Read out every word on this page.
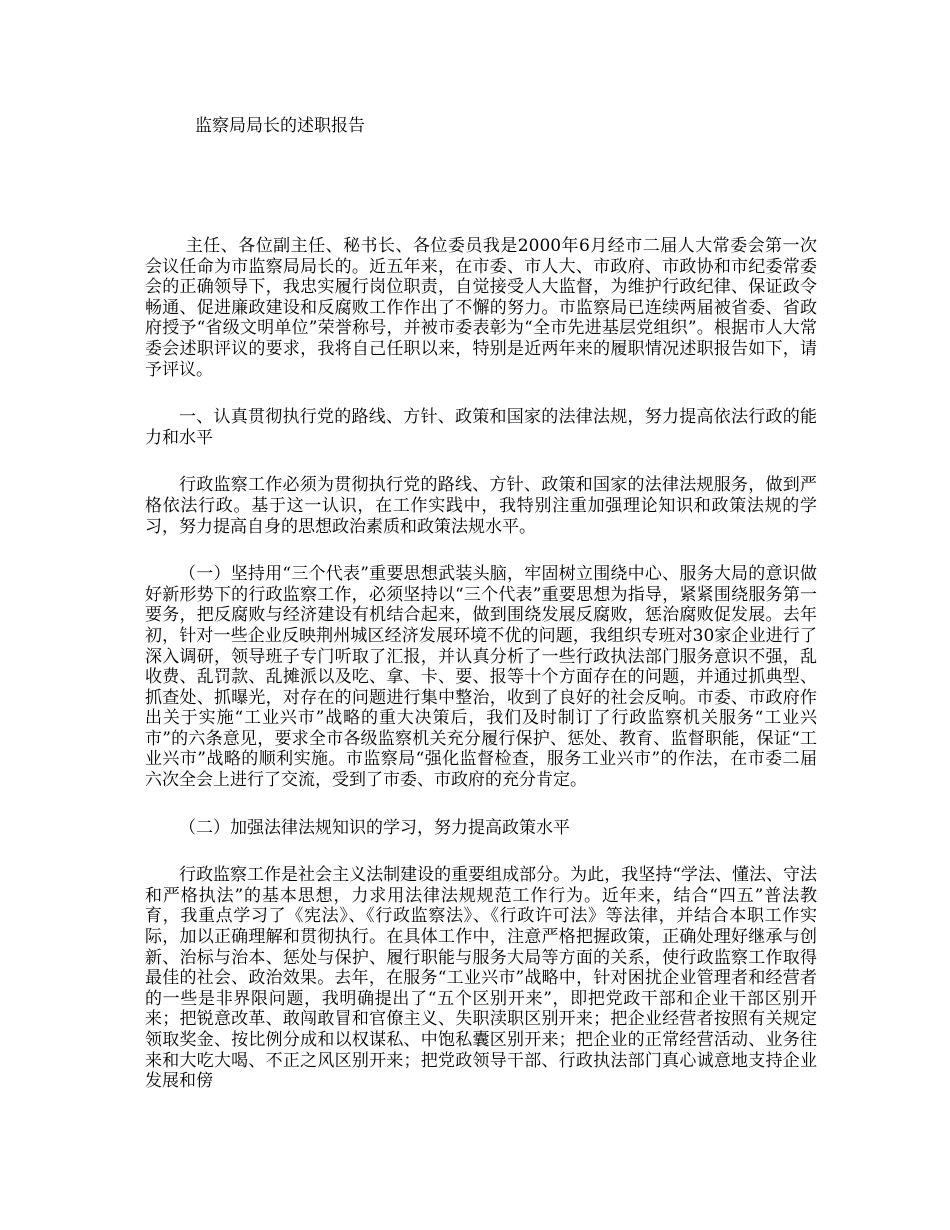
监察局局长的述职报告

主任、各位副主任、秘书长、各位委员我是2000年6月经市二届人大常委会第一次会议任命为市监察局局长的。近五年来，在市委、市人大、市政府、市政协和市纪委常委会的正确领导下，我忠实履行岗位职责，自觉接受人大监督，为维护行政纪律、保证政令畅通、促进廉政建设和反腐败工作作出了不懈的努力。市监察局已连续两届被省委、省政府授予“省级文明单位”荣誉称号，并被市委表彰为“全市先进基层党组织”。根据市人大常委会述职评议的要求，我将自己任职以来，特别是近两年来的履职情况述职报告如下，请予评议。

一、认真贯彻执行党的路线、方针、政策和国家的法律法规，努力提高依法行政的能力和水平

行政监察工作必须为贯彻执行党的路线、方针、政策和国家的法律法规服务，做到严格依法行政。基于这一认识，在工作实践中，我特别注重加强理论知识和政策法规的学习，努力提高自身的思想政治素质和政策法规水平。

（一）坚持用“三个代表”重要思想武装头脑，牢固树立围绕中心、服务大局的意识做好新形势下的行政监察工作，必须坚持以“三个代表”重要思想为指导，紧紧围绕服务第一要务，把反腐败与经济建设有机结合起来，做到围绕发展反腐败，惩治腐败促发展。去年初，针对一些企业反映荆州城区经济发展环境不优的问题，我组织专班对30家企业进行了深入调研，领导班子专门听取了汇报，并认真分析了一些行政执法部门服务意识不强，乱收费、乱罚款、乱摊派以及吃、拿、卡、要、报等十个方面存在的问题，并通过抓典型、抓查处、抓曝光，对存在的问题进行集中整治，收到了良好的社会反响。市委、市政府作出关于实施“工业兴市”战略的重大决策后，我们及时制订了行政监察机关服务“工业兴市”的六条意见，要求全市各级监察机关充分履行保护、惩处、教育、监督职能，保证“工业兴市”战略的顺利实施。市监察局“强化监督检查，服务工业兴市”的作法，在市委二届六次全会上进行了交流，受到了市委、市政府的充分肯定。

（二）加强法律法规知识的学习，努力提高政策水平

行政监察工作是社会主义法制建设的重要组成部分。为此，我坚持“学法、懂法、守法和严格执法”的基本思想，力求用法律法规规范工作行为。近年来，结合“四五”普法教育，我重点学习了《宪法》、《行政监察法》、《行政许可法》等法律，并结合本职工作实际，加以正确理解和贯彻执行。在具体工作中，注意严格把握政策，正确处理好继承与创新、治标与治本、惩处与保护、履行职能与服务大局等方面的关系，使行政监察工作取得最佳的社会、政治效果。去年，在服务“工业兴市”战略中，针对困扰企业管理者和经营者的一些是非界限问题，我明确提出了“五个区别开来”，即把党政干部和企业干部区别开来；把锐意改革、敢闯敢冒和官僚主义、失职渎职区别开来；把企业经营者按照有关规定领取奖金、按比例分成和以权谋私、中饱私囊区别开来；把企业的正常经营活动、业务往来和大吃大喝、不正之风区别开来；把党政领导干部、行政执法部门真心诚意地支持企业发展和傍
